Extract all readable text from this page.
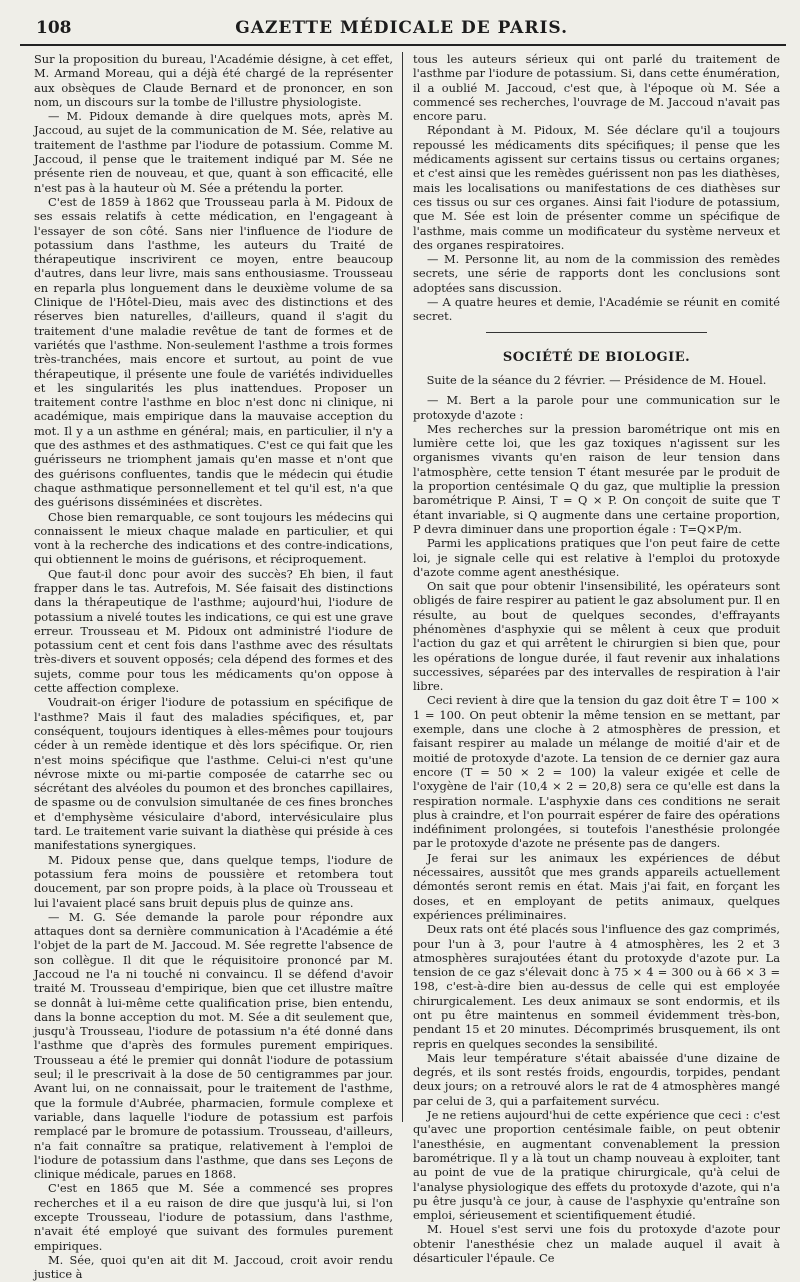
108	GAZETTE MÉDICALE DE PARIS.

Sur la proposition du bureau, l'Académie désigne, à cet effet, M. Armand Moreau, qui a déjà été chargé de la représenter aux obsèques de Claude Bernard et de prononcer, en son nom, un discours sur la tombe de l'illustre physiologiste.

— M. Pidoux demande à dire quelques mots, après M. Jaccoud, au sujet de la communication de M. Sée, relative au traitement de l'asthme par l'iodure de potassium. Comme M. Jaccoud, il pense que le traitement indiqué par M. Sée ne présente rien de nouveau, et que, quant à son efficacité, elle n'est pas à la hauteur où M. Sée a prétendu la porter.

C'est de 1859 à 1862 que Trousseau parla à M. Pidoux de ses essais relatifs à cette médication, en l'engageant à l'essayer de son côté. Sans nier l'influence de l'iodure de potassium dans l'asthme, les auteurs du Traité de thérapeutique inscrivirent ce moyen, entre beaucoup d'autres, dans leur livre, mais sans enthousiasme. Trousseau en reparla plus longuement dans le deuxième volume de sa Clinique de l'Hôtel-Dieu, mais avec des distinctions et des réserves bien naturelles, d'ailleurs, quand il s'agit du traitement d'une maladie revêtue de tant de formes et de variétés que l'asthme. Non-seulement l'asthme a trois formes très-tranchées, mais encore et surtout, au point de vue thérapeutique, il présente une foule de variétés individuelles et les singularités les plus inattendues. Proposer un traitement contre l'asthme en bloc n'est donc ni clinique, ni académique, mais empirique dans la mauvaise acception du mot. Il y a un asthme en général; mais, en particulier, il n'y a que des asthmes et des asthmatiques. C'est ce qui fait que les guérisseurs ne triomphent jamais qu'en masse et n'ont que des guérisons confluentes, tandis que le médecin qui étudie chaque asthmatique personnellement et tel qu'il est, n'a que des guérisons disséminées et discrètes.

Chose bien remarquable, ce sont toujours les médecins qui connaissent le mieux chaque malade en particulier, et qui vont à la recherche des indications et des contre-indications, qui obtiennent le moins de guérisons, et réciproquement.

Que faut-il donc pour avoir des succès? Eh bien, il faut frapper dans le tas. Autrefois, M. Sée faisait des distinctions dans la thérapeutique de l'asthme; aujourd'hui, l'iodure de potassium a nivelé toutes les indications, ce qui est une grave erreur. Trousseau et M. Pidoux ont administré l'iodure de potassium cent et cent fois dans l'asthme avec des résultats très-divers et souvent opposés; cela dépend des formes et des sujets, comme pour tous les médicaments qu'on oppose à cette affection complexe.

Voudrait-on ériger l'iodure de potassium en spécifique de l'asthme? Mais il faut des maladies spécifiques, et, par conséquent, toujours identiques à elles-mêmes pour toujours céder à un remède identique et dès lors spécifique. Or, rien n'est moins spécifique que l'asthme. Celui-ci n'est qu'une névrose mixte ou mi-partie composée de catarrhe sec ou sécrétant des alvéoles du poumon et des bronches capillaires, de spasme ou de convulsion simultanée de ces fines bronches et d'emphysème vésiculaire d'abord, intervésiculaire plus tard. Le traitement varie suivant la diathèse qui préside à ces manifestations synergiques.

M. Pidoux pense que, dans quelque temps, l'iodure de potassium fera moins de poussière et retombera tout doucement, par son propre poids, à la place où Trousseau et lui l'avaient placé sans bruit depuis plus de quinze ans.

— M. G. Sée demande la parole pour répondre aux attaques dont sa dernière communication à l'Académie a été l'objet de la part de M. Jaccoud. M. Sée regrette l'absence de son collègue. Il dit que le réquisitoire prononcé par M. Jaccoud ne l'a ni touché ni convaincu. Il se défend d'avoir traité M. Trousseau d'empirique, bien que cet illustre maître se donnât à lui-même cette qualification prise, bien entendu, dans la bonne acception du mot. M. Sée a dit seulement que, jusqu'à Trousseau, l'iodure de potassium n'a été donné dans l'asthme que d'après des formules purement empiriques. Trousseau a été le premier qui donnât l'iodure de potassium seul; il le prescrivait à la dose de 50 centigrammes par jour. Avant lui, on ne connaissait, pour le traitement de l'asthme, que la formule d'Aubrée, pharmacien, formule complexe et variable, dans laquelle l'iodure de potassium est parfois remplacé par le bromure de potassium. Trousseau, d'ailleurs, n'a fait connaître sa pratique, relativement à l'emploi de l'iodure de potassium dans l'asthme, que dans ses Leçons de clinique médicale, parues en 1868.

C'est en 1865 que M. Sée a commencé ses propres recherches et il a eu raison de dire que jusqu'à lui, si l'on excepte Trousseau, l'iodure de potassium, dans l'asthme, n'avait été employé que suivant des formules purement empiriques.

M. Sée, quoi qu'en ait dit M. Jaccoud, croit avoir rendu justice à

tous les auteurs sérieux qui ont parlé du traitement de l'asthme par l'iodure de potassium. Si, dans cette énumération, il a oublié M. Jaccoud, c'est que, à l'époque où M. Sée a commencé ses recherches, l'ouvrage de M. Jaccoud n'avait pas encore paru.

Répondant à M. Pidoux, M. Sée déclare qu'il a toujours repoussé les médicaments dits spécifiques; il pense que les médicaments agissent sur certains tissus ou certains organes; et c'est ainsi que les remèdes guérissent non pas les diathèses, mais les localisations ou manifestations de ces diathèses sur ces tissus ou sur ces organes. Ainsi fait l'iodure de potassium, que M. Sée est loin de présenter comme un spécifique de l'asthme, mais comme un modificateur du système nerveux et des organes respiratoires.

— M. Personne lit, au nom de la commission des remèdes secrets, une série de rapports dont les conclusions sont adoptées sans discussion.

— A quatre heures et demie, l'Académie se réunit en comité secret.

SOCIÉTÉ DE BIOLOGIE.
Suite de la séance du 2 février. — Présidence de M. Houel.

— M. Bert a la parole pour une communication sur le protoxyde d'azote :

Mes recherches sur la pression barométrique ont mis en lumière cette loi, que les gaz toxiques n'agissent sur les organismes vivants qu'en raison de leur tension dans l'atmosphère, cette tension T étant mesurée par le produit de la proportion centésimale Q du gaz, que multiplie la pression barométrique P. Ainsi, T = Q × P. On conçoit de suite que T étant invariable, si Q augmente dans une certaine proportion, P devra diminuer dans une proportion égale : T=Q×P/m.

Parmi les applications pratiques que l'on peut faire de cette loi, je signale celle qui est relative à l'emploi du protoxyde d'azote comme agent anesthésique.

On sait que pour obtenir l'insensibilité, les opérateurs sont obligés de faire respirer au patient le gaz absolument pur. Il en résulte, au bout de quelques secondes, d'effrayants phénomènes d'asphyxie qui se mêlent à ceux que produit l'action du gaz et qui arrêtent le chirurgien si bien que, pour les opérations de longue durée, il faut revenir aux inhalations successives, séparées par des intervalles de respiration à l'air libre.

Ceci revient à dire que la tension du gaz doit être T = 100 × 1 = 100. On peut obtenir la même tension en se mettant, par exemple, dans une cloche à 2 atmosphères de pression, et faisant respirer au malade un mélange de moitié d'air et de moitié de protoxyde d'azote. La tension de ce dernier gaz aura encore (T = 50 × 2 = 100) la valeur exigée et celle de l'oxygène de l'air (10,4 × 2 = 20,8) sera ce qu'elle est dans la respiration normale. L'asphyxie dans ces conditions ne serait plus à craindre, et l'on pourrait espérer de faire des opérations indéfiniment prolongées, si toutefois l'anesthésie prolongée par le protoxyde d'azote ne présente pas de dangers.

Je ferai sur les animaux les expériences de début nécessaires, aussitôt que mes grands appareils actuellement démontés seront remis en état. Mais j'ai fait, en forçant les doses, et en employant de petits animaux, quelques expériences préliminaires.

Deux rats ont été placés sous l'influence des gaz comprimés, pour l'un à 3, pour l'autre à 4 atmosphères, les 2 et 3 atmosphères surajoutées étant du protoxyde d'azote pur. La tension de ce gaz s'élevait donc à 75 × 4 = 300 ou à 66 × 3 = 198, c'est-à-dire bien au-dessus de celle qui est employée chirurgicalement. Les deux animaux se sont endormis, et ils ont pu être maintenus en sommeil évidemment très-bon, pendant 15 et 20 minutes. Décomprimés brusquement, ils ont repris en quelques secondes la sensibilité.

Mais leur température s'était abaissée d'une dizaine de degrés, et ils sont restés froids, engourdis, torpides, pendant deux jours; on a retrouvé alors le rat de 4 atmosphères mangé par celui de 3, qui a parfaitement survécu.

Je ne retiens aujourd'hui de cette expérience que ceci : c'est qu'avec une proportion centésimale faible, on peut obtenir l'anesthésie, en augmentant convenablement la pression barométrique. Il y a là tout un champ nouveau à exploiter, tant au point de vue de la pratique chirurgicale, qu'à celui de l'analyse physiologique des effets du protoxyde d'azote, qui n'a pu être jusqu'à ce jour, à cause de l'asphyxie qu'entraîne son emploi, sérieusement et scientifiquement étudié.

M. Houel s'est servi une fois du protoxyde d'azote pour obtenir l'anesthésie chez un malade auquel il avait à désarticuler l'épaule. Ce
